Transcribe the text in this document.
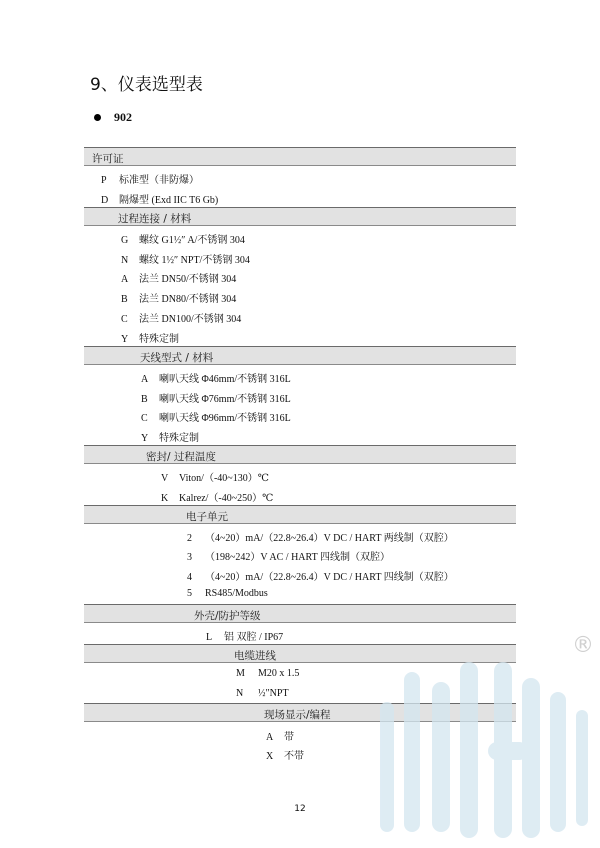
9、仪表选型表
902
许可证
过程连接 / 材料
天线型式 / 材料
密封/ 过程温度
电子单元
外壳/防护等级
电缆进线
现场显示/编程
P 标准型（非防爆）
D 隔爆型 (Exd IIC T6 Gb)
G 螺纹 G1½″ A/不锈钢 304
N 螺纹 1½″ NPT/不锈钢 304
A 法兰 DN50/不锈钢 304
B 法兰 DN80/不锈钢 304
C 法兰 DN100/不锈钢 304
Y 特殊定制
A 喇叭天线 Φ46mm/不锈钢 316L
B 喇叭天线 Φ76mm/不锈钢 316L
C 喇叭天线 Φ96mm/不锈钢 316L
Y 特殊定制
V Viton/（-40~130）℃
K Kalrez/（-40~250）℃
2 （4~20）mA/（22.8~26.4）V DC / HART 两线制（双腔）
3 （198~242）V AC / HART 四线制（双腔）
4 （4~20）mA/（22.8~26.4）V DC / HART 四线制（双腔）
5 RS485/Modbus
L 铝 双腔 / IP67
M M20 x 1.5
N ½″NPT
A 带
X 不带
12
®
